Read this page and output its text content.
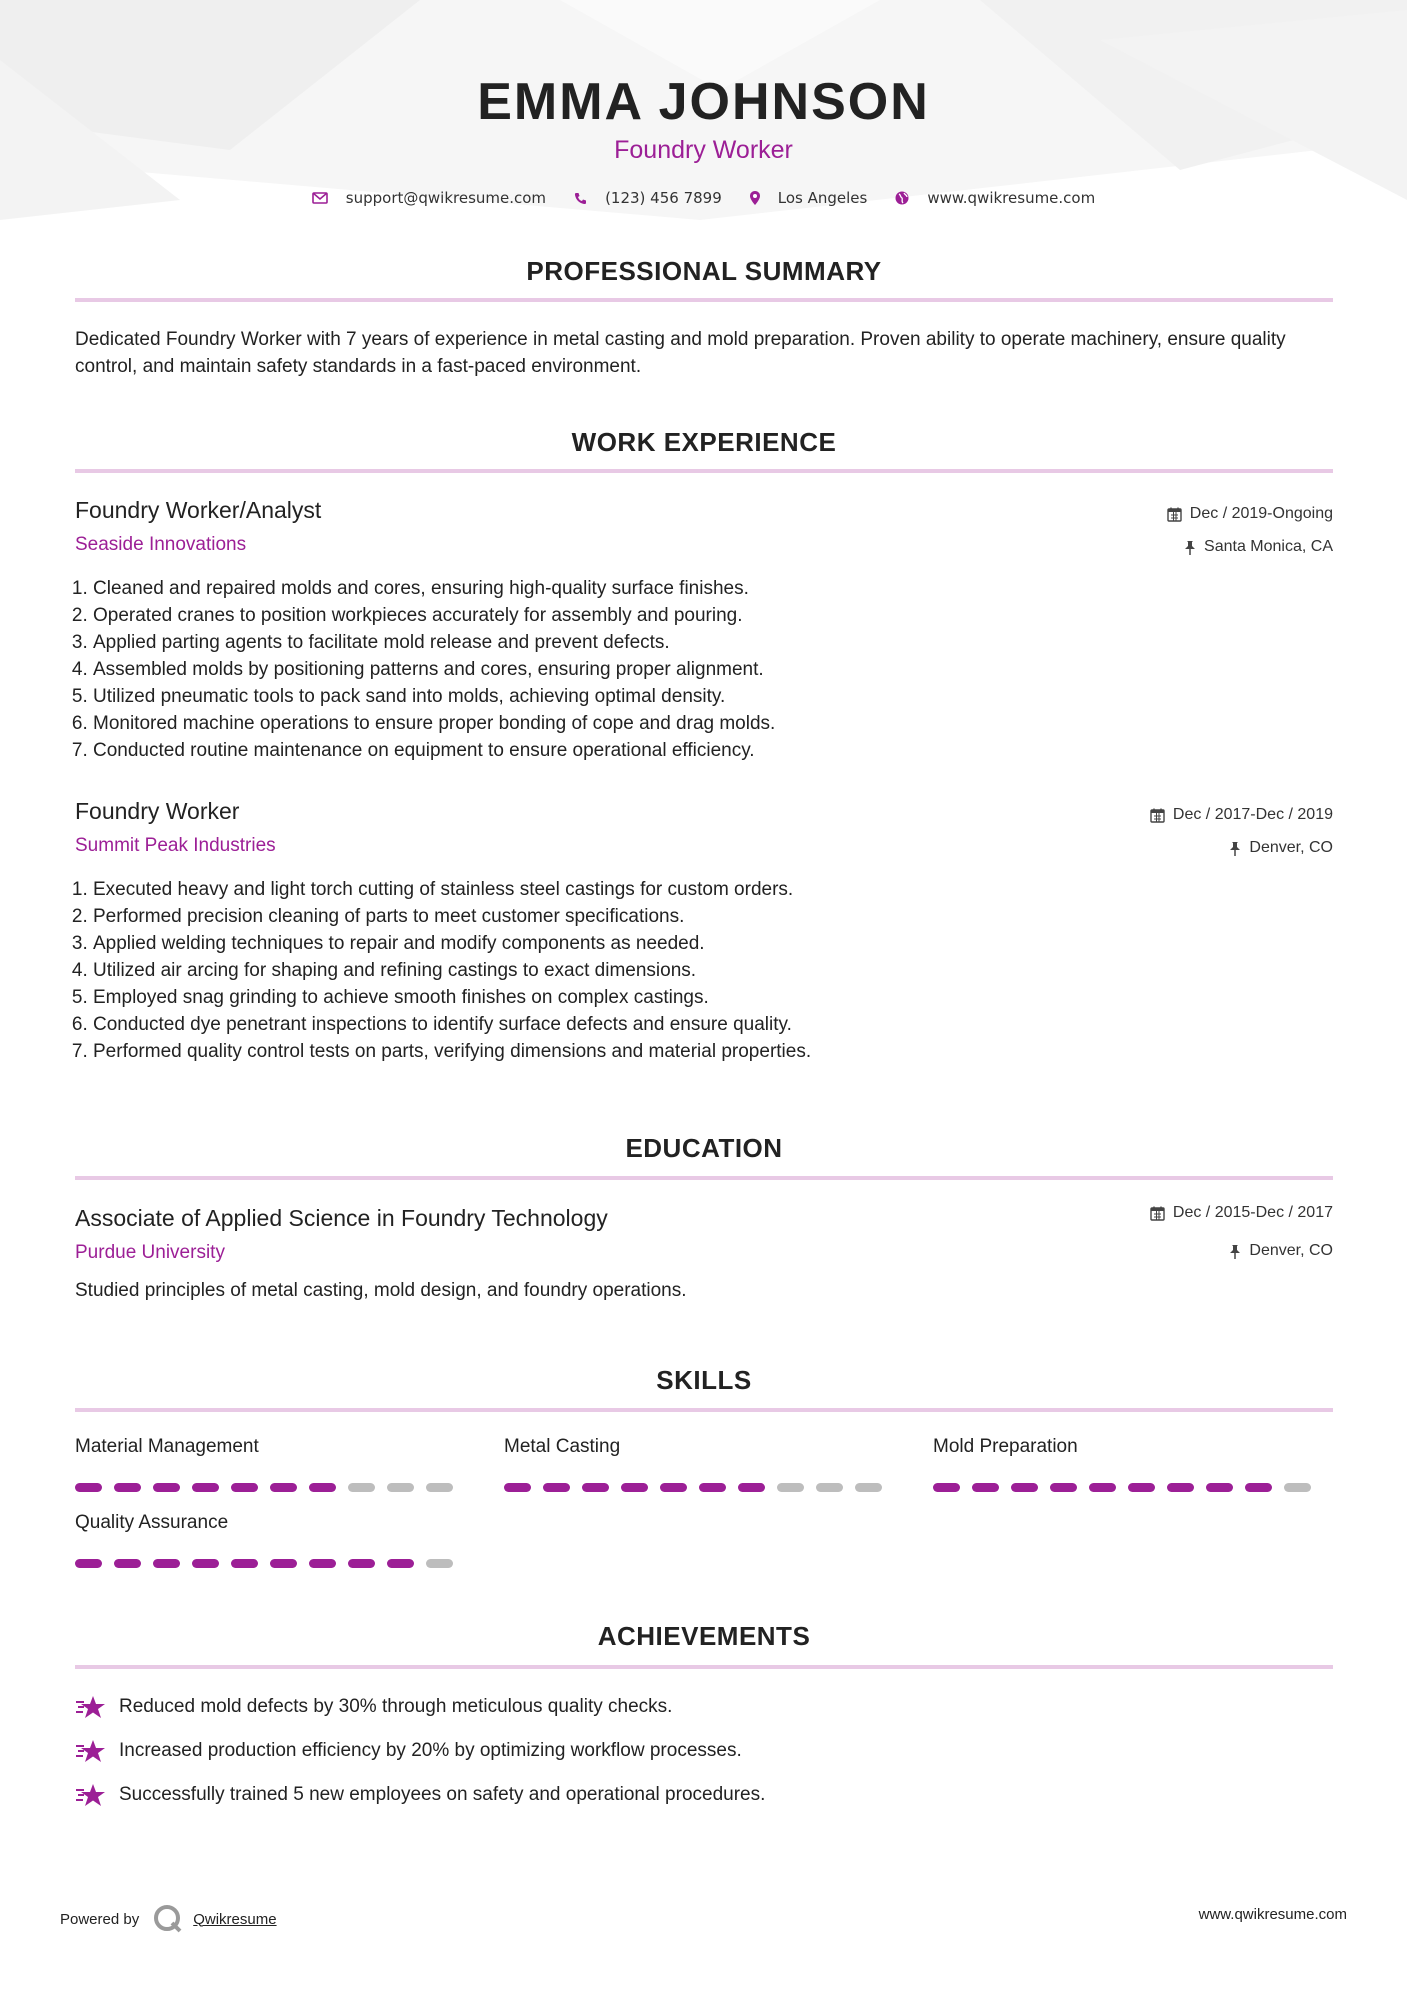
EMMA JOHNSON
Foundry Worker
support@qwikresume.com	(123) 456 7899	Los Angeles	www.qwikresume.com
PROFESSIONAL SUMMARY
Dedicated Foundry Worker with 7 years of experience in metal casting and mold preparation. Proven ability to operate machinery, ensure quality control, and maintain safety standards in a fast-paced environment.
WORK EXPERIENCE
Foundry Worker/Analyst
Seaside Innovations
Dec / 2019-Ongoing
Santa Monica, CA
1. Cleaned and repaired molds and cores, ensuring high-quality surface finishes.
2. Operated cranes to position workpieces accurately for assembly and pouring.
3. Applied parting agents to facilitate mold release and prevent defects.
4. Assembled molds by positioning patterns and cores, ensuring proper alignment.
5. Utilized pneumatic tools to pack sand into molds, achieving optimal density.
6. Monitored machine operations to ensure proper bonding of cope and drag molds.
7. Conducted routine maintenance on equipment to ensure operational efficiency.
Foundry Worker
Summit Peak Industries
Dec / 2017-Dec / 2019
Denver, CO
1. Executed heavy and light torch cutting of stainless steel castings for custom orders.
2. Performed precision cleaning of parts to meet customer specifications.
3. Applied welding techniques to repair and modify components as needed.
4. Utilized air arcing for shaping and refining castings to exact dimensions.
5. Employed snag grinding to achieve smooth finishes on complex castings.
6. Conducted dye penetrant inspections to identify surface defects and ensure quality.
7. Performed quality control tests on parts, verifying dimensions and material properties.
EDUCATION
Associate of Applied Science in Foundry Technology
Purdue University
Dec / 2015-Dec / 2017
Denver, CO
Studied principles of metal casting, mold design, and foundry operations.
SKILLS
Material Management	Metal Casting	Mold Preparation
Quality Assurance
ACHIEVEMENTS
Reduced mold defects by 30% through meticulous quality checks.
Increased production efficiency by 20% by optimizing workflow processes.
Successfully trained 5 new employees on safety and operational procedures.
Powered by	Qwikresume	www.qwikresume.com
